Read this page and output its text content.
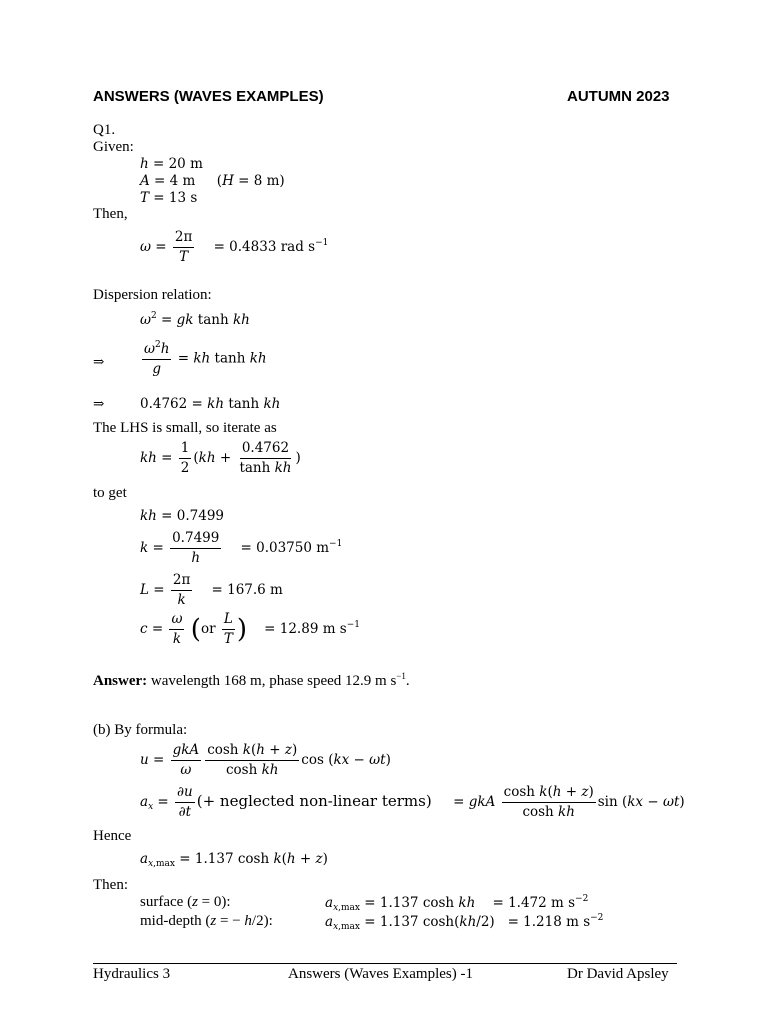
ANSWERS (WAVES EXAMPLES)	AUTUMN 2023
Q1.
Given:
h = 20 m
A = 4 m     (H = 8 m)
T = 13 s
Then,
$\omega = \frac{2\pi}{T} = 0.4833$ rad $s^{-1}$
Dispersion relation:
$\omega^2$ = gk tanh kh
⇒	$\frac{\omega^2h}{g}$ = kh tanh kh
⇒	0.4762 = kh tanh kh
The LHS is small, so iterate as
kh = $\frac{1}{2} (kh + \frac{0.4762}{\text{tanh kh}}$ )
to get
kh = 0.7499
$k = \frac{0.7499}{h} = 0.03750$ $m^{-1}$
$L = \frac{2\pi}{k} = 167.6$ m
$c = \frac{\omega}{k} (or \frac{L}{T}$ ) = 12.89 m $s^{-1}$
Answer: wavelength 168 m, phase speed 12.9 m $s^{-1}$.
(b) By formula:
$u = \frac{\text{gkA}}{\omega} \frac{\text{cosh k(h + z)}}{\text{cosh kh}}$ cos (kx − ωt)
$a_x = \frac{\partial u}{\partial t}$ (+ neglected non-linear terms)     = gkA $\frac{\text{cosh k(h + z)}}{\text{cosh kh}}$ sin (kx − ωt)
Hence
$a_{x,max} = 1.137$ cosh k(h + z)
Then:
surface (z = 0):	$a_{x,max} = 1.137$ cosh kh = 1.472 m $s^{-2}$
mid-depth (z = − h/2):	$a_{x,max} = 1.137$ cosh(kh/2)   = 1.218 m $s^{-2}$
Hydraulics 3	Answers (Waves Examples) -1	Dr David Apsley
